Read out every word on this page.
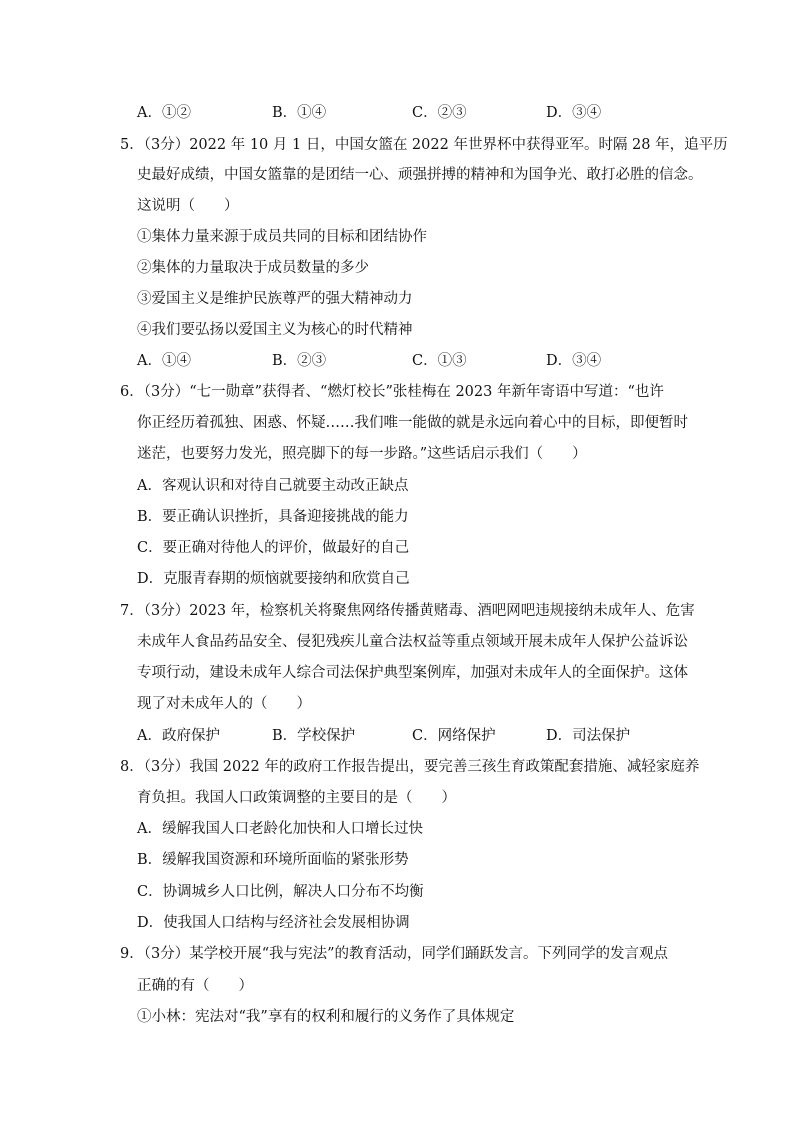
A．①②	B．①④	C．②③	D．③④
5．（3分）2022 年 10 月 1 日，中国女篮在 2022 年世界杯中获得亚军。时隔 28 年，追平历
史最好成绩，中国女篮靠的是团结一心、顽强拼搏的精神和为国争光、敢打必胜的信念。
这说明（　　）
①集体力量来源于成员共同的目标和团结协作
②集体的力量取决于成员数量的多少
③爱国主义是维护民族尊严的强大精神动力
④我们要弘扬以爱国主义为核心的时代精神
A．①④	B．②③	C．①③	D．③④
6．（3分）“七一勋章”获得者、“燃灯校长”张桂梅在 2023 年新年寄语中写道：“也许
你正经历着孤独、困惑、怀疑……我们唯一能做的就是永远向着心中的目标，即便暂时
迷茫，也要努力发光，照亮脚下的每一步路。”这些话启示我们（　　）
A．客观认识和对待自己就要主动改正缺点
B．要正确认识挫折，具备迎接挑战的能力
C．要正确对待他人的评价，做最好的自己
D．克服青春期的烦恼就要接纳和欣赏自己
7．（3分）2023 年，检察机关将聚焦网络传播黄赌毒、酒吧网吧违规接纳未成年人、危害
未成年人食品药品安全、侵犯残疾儿童合法权益等重点领域开展未成年人保护公益诉讼
专项行动，建设未成年人综合司法保护典型案例库，加强对未成年人的全面保护。这体
现了对未成年人的（　　）
A．政府保护	B．学校保护	C．网络保护	D．司法保护
8．（3分）我国 2022 年的政府工作报告提出，要完善三孩生育政策配套措施、减轻家庭养
育负担。我国人口政策调整的主要目的是（　　）
A．缓解我国人口老龄化加快和人口增长过快
B．缓解我国资源和环境所面临的紧张形势
C．协调城乡人口比例，解决人口分布不均衡
D．使我国人口结构与经济社会发展相协调
9．（3分）某学校开展“我与宪法”的教育活动，同学们踊跃发言。下列同学的发言观点
正确的有（　　）
①小林：宪法对“我”享有的权利和履行的义务作了具体规定
